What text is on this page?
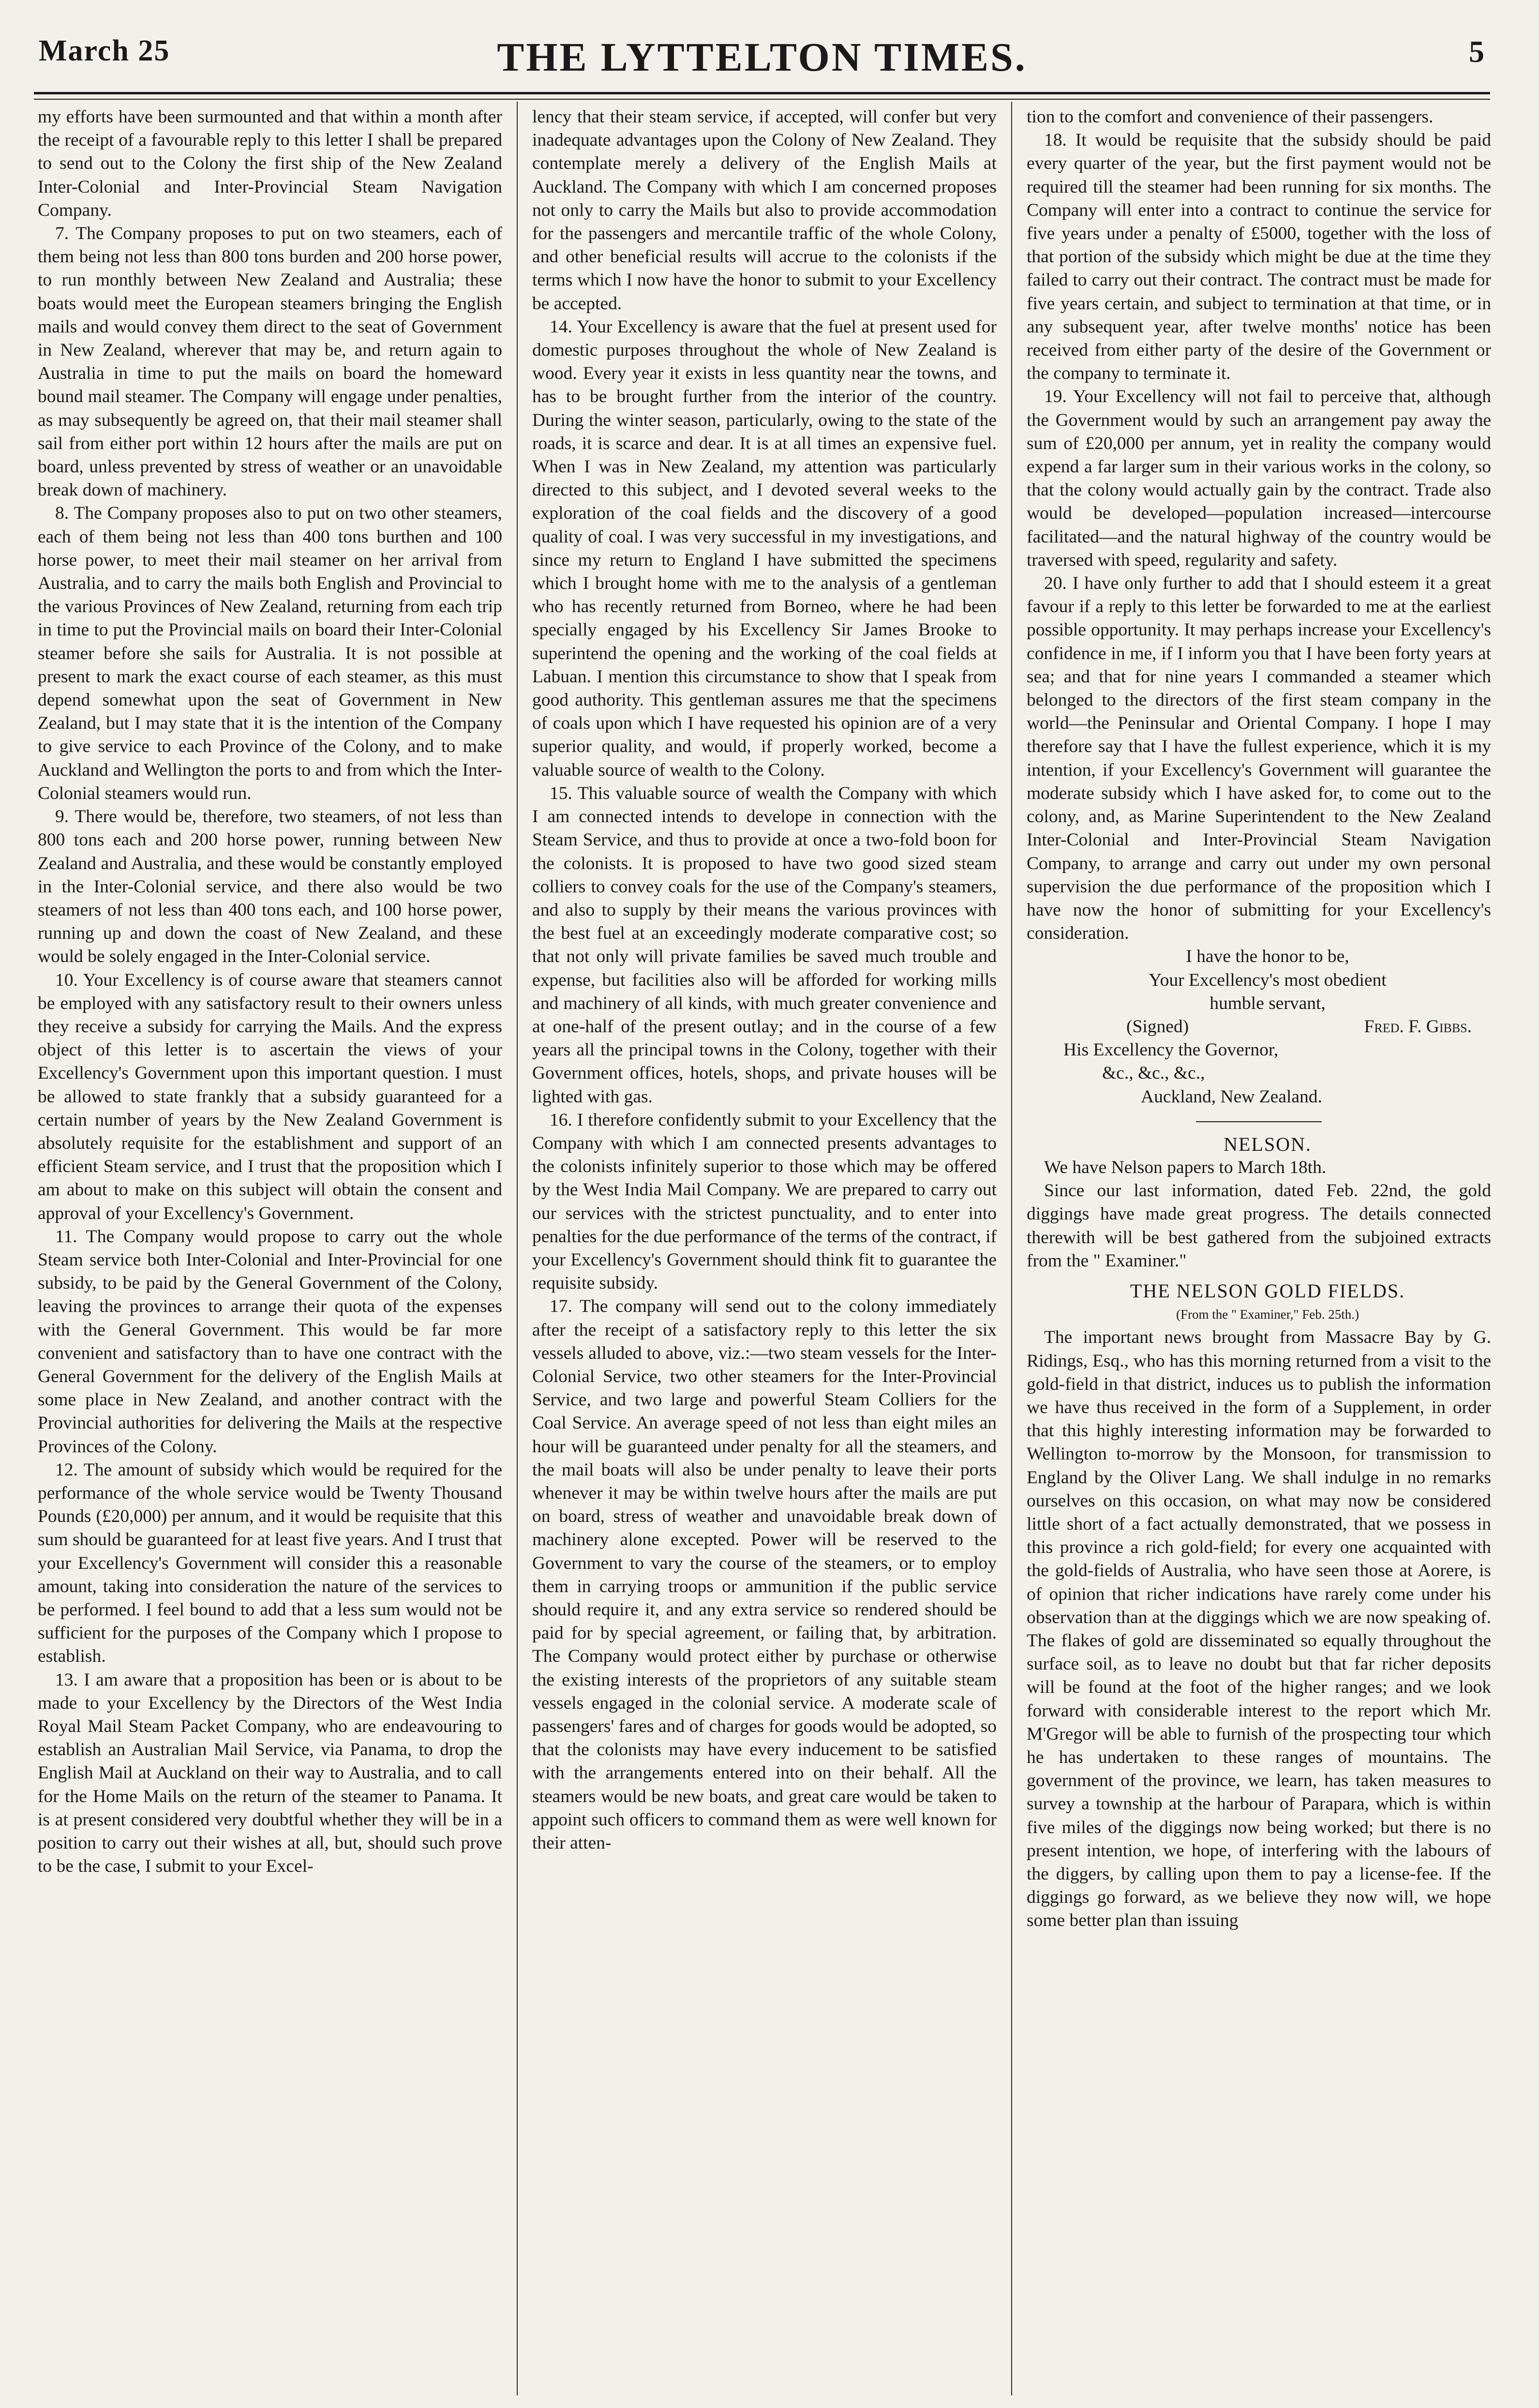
March 25	THE LYTTELTON TIMES.	5

my efforts have been surmounted and that within a month after the receipt of a favourable reply to this letter I shall be prepared to send out to the Colony the first ship of the New Zealand Inter-Colonial and Inter-Provincial Steam Navigation Company.

7. The Company proposes to put on two steamers, each of them being not less than 800 tons burden and 200 horse power, to run monthly between New Zealand and Australia; these boats would meet the European steamers bringing the English mails and would convey them direct to the seat of Government in New Zealand, wherever that may be, and return again to Australia in time to put the mails on board the homeward bound mail steamer. The Company will engage under penalties, as may subsequently be agreed on, that their mail steamer shall sail from either port within 12 hours after the mails are put on board, unless prevented by stress of weather or an unavoidable break down of machinery.

8. The Company proposes also to put on two other steamers, each of them being not less than 400 tons burthen and 100 horse power, to meet their mail steamer on her arrival from Australia, and to carry the mails both English and Provincial to the various Provinces of New Zealand, returning from each trip in time to put the Provincial mails on board their Inter-Colonial steamer before she sails for Australia. It is not possible at present to mark the exact course of each steamer, as this must depend somewhat upon the seat of Government in New Zealand, but I may state that it is the intention of the Company to give service to each Province of the Colony, and to make Auckland and Wellington the ports to and from which the Inter-Colonial steamers would run.

9. There would be, therefore, two steamers, of not less than 800 tons each and 200 horse power, running between New Zealand and Australia, and these would be constantly employed in the Inter-Colonial service, and there also would be two steamers of not less than 400 tons each, and 100 horse power, running up and down the coast of New Zealand, and these would be solely engaged in the Inter-Colonial service.

10. Your Excellency is of course aware that steamers cannot be employed with any satisfactory result to their owners unless they receive a subsidy for carrying the Mails. And the express object of this letter is to ascertain the views of your Excellency's Government upon this important question. I must be allowed to state frankly that a subsidy guaranteed for a certain number of years by the New Zealand Government is absolutely requisite for the establishment and support of an efficient Steam service, and I trust that the proposition which I am about to make on this subject will obtain the consent and approval of your Excellency's Government.

11. The Company would propose to carry out the whole Steam service both Inter-Colonial and Inter-Provincial for one subsidy, to be paid by the General Government of the Colony, leaving the provinces to arrange their quota of the expenses with the General Government. This would be far more convenient and satisfactory than to have one contract with the General Government for the delivery of the English Mails at some place in New Zealand, and another contract with the Provincial authorities for delivering the Mails at the respective Provinces of the Colony.

12. The amount of subsidy which would be required for the performance of the whole service would be Twenty Thousand Pounds (£20,000) per annum, and it would be requisite that this sum should be guaranteed for at least five years. And I trust that your Excellency's Government will consider this a reasonable amount, taking into consideration the nature of the services to be performed. I feel bound to add that a less sum would not be sufficient for the purposes of the Company which I propose to establish.

13. I am aware that a proposition has been or is about to be made to your Excellency by the Directors of the West India Royal Mail Steam Packet Company, who are endeavouring to establish an Australian Mail Service, via Panama, to drop the English Mail at Auckland on their way to Australia, and to call for the Home Mails on the return of the steamer to Panama. It is at present considered very doubtful whether they will be in a position to carry out their wishes at all, but, should such prove to be the case, I submit to your Excel-

lency that their steam service, if accepted, will confer but very inadequate advantages upon the Colony of New Zealand. They contemplate merely a delivery of the English Mails at Auckland. The Company with which I am concerned proposes not only to carry the Mails but also to provide accommodation for the passengers and mercantile traffic of the whole Colony, and other beneficial results will accrue to the colonists if the terms which I now have the honor to submit to your Excellency be accepted.

14. Your Excellency is aware that the fuel at present used for domestic purposes throughout the whole of New Zealand is wood. Every year it exists in less quantity near the towns, and has to be brought further from the interior of the country. During the winter season, particularly, owing to the state of the roads, it is scarce and dear. It is at all times an expensive fuel. When I was in New Zealand, my attention was particularly directed to this subject, and I devoted several weeks to the exploration of the coal fields and the discovery of a good quality of coal. I was very successful in my investigations, and since my return to England I have submitted the specimens which I brought home with me to the analysis of a gentleman who has recently returned from Borneo, where he had been specially engaged by his Excellency Sir James Brooke to superintend the opening and the working of the coal fields at Labuan. I mention this circumstance to show that I speak from good authority. This gentleman assures me that the specimens of coals upon which I have requested his opinion are of a very superior quality, and would, if properly worked, become a valuable source of wealth to the Colony.

15. This valuable source of wealth the Company with which I am connected intends to develope in connection with the Steam Service, and thus to provide at once a two-fold boon for the colonists. It is proposed to have two good sized steam colliers to convey coals for the use of the Company's steamers, and also to supply by their means the various provinces with the best fuel at an exceedingly moderate comparative cost; so that not only will private families be saved much trouble and expense, but facilities also will be afforded for working mills and machinery of all kinds, with much greater convenience and at one-half of the present outlay; and in the course of a few years all the principal towns in the Colony, together with their Government offices, hotels, shops, and private houses will be lighted with gas.

16. I therefore confidently submit to your Excellency that the Company with which I am connected presents advantages to the colonists infinitely superior to those which may be offered by the West India Mail Company. We are prepared to carry out our services with the strictest punctuality, and to enter into penalties for the due performance of the terms of the contract, if your Excellency's Government should think fit to guarantee the requisite subsidy.

17. The company will send out to the colony immediately after the receipt of a satisfactory reply to this letter the six vessels alluded to above, viz.:—two steam vessels for the Inter-Colonial Service, two other steamers for the Inter-Provincial Service, and two large and powerful Steam Colliers for the Coal Service. An average speed of not less than eight miles an hour will be guaranteed under penalty for all the steamers, and the mail boats will also be under penalty to leave their ports whenever it may be within twelve hours after the mails are put on board, stress of weather and unavoidable break down of machinery alone excepted. Power will be reserved to the Government to vary the course of the steamers, or to employ them in carrying troops or ammunition if the public service should require it, and any extra service so rendered should be paid for by special agreement, or failing that, by arbitration. The Company would protect either by purchase or otherwise the existing interests of the proprietors of any suitable steam vessels engaged in the colonial service. A moderate scale of passengers' fares and of charges for goods would be adopted, so that the colonists may have every inducement to be satisfied with the arrangements entered into on their behalf. All the steamers would be new boats, and great care would be taken to appoint such officers to command them as were well known for their atten-

tion to the comfort and convenience of their passengers.

18. It would be requisite that the subsidy should be paid every quarter of the year, but the first payment would not be required till the steamer had been running for six months. The Company will enter into a contract to continue the service for five years under a penalty of £5000, together with the loss of that portion of the subsidy which might be due at the time they failed to carry out their contract. The contract must be made for five years certain, and subject to termination at that time, or in any subsequent year, after twelve months' notice has been received from either party of the desire of the Government or the company to terminate it.

19. Your Excellency will not fail to perceive that, although the Government would by such an arrangement pay away the sum of £20,000 per annum, yet in reality the company would expend a far larger sum in their various works in the colony, so that the colony would actually gain by the contract. Trade also would be developed—population increased—intercourse facilitated—and the natural highway of the country would be traversed with speed, regularity and safety.

20. I have only further to add that I should esteem it a great favour if a reply to this letter be forwarded to me at the earliest possible opportunity. It may perhaps increase your Excellency's confidence in me, if I inform you that I have been forty years at sea; and that for nine years I commanded a steamer which belonged to the directors of the first steam company in the world—the Peninsular and Oriental Company. I hope I may therefore say that I have the fullest experience, which it is my intention, if your Excellency's Government will guarantee the moderate subsidy which I have asked for, to come out to the colony, and, as Marine Superintendent to the New Zealand Inter-Colonial and Inter-Provincial Steam Navigation Company, to arrange and carry out under my own personal supervision the due performance of the proposition which I have now the honor of submitting for your Excellency's consideration.

I have the honor to be,

Your Excellency's most obedient

humble servant,

(Signed)	Fred. F. Gibbs.

His Excellency the Governor,

&c., &c., &c.,

Auckland, New Zealand.

NELSON.

We have Nelson papers to March 18th.

Since our last information, dated Feb. 22nd, the gold diggings have made great progress. The details connected therewith will be best gathered from the subjoined extracts from the " Examiner."

THE NELSON GOLD FIELDS.

(From the " Examiner," Feb. 25th.)

The important news brought from Massacre Bay by G. Ridings, Esq., who has this morning returned from a visit to the gold-field in that district, induces us to publish the information we have thus received in the form of a Supplement, in order that this highly interesting information may be forwarded to Wellington to-morrow by the Monsoon, for transmission to England by the Oliver Lang. We shall indulge in no remarks ourselves on this occasion, on what may now be considered little short of a fact actually demonstrated, that we possess in this province a rich gold-field; for every one acquainted with the gold-fields of Australia, who have seen those at Aorere, is of opinion that richer indications have rarely come under his observation than at the diggings which we are now speaking of. The flakes of gold are disseminated so equally throughout the surface soil, as to leave no doubt but that far richer deposits will be found at the foot of the higher ranges; and we look forward with considerable interest to the report which Mr. M'Gregor will be able to furnish of the prospecting tour which he has undertaken to these ranges of mountains. The government of the province, we learn, has taken measures to survey a township at the harbour of Parapara, which is within five miles of the diggings now being worked; but there is no present intention, we hope, of interfering with the labours of the diggers, by calling upon them to pay a license-fee. If the diggings go forward, as we believe they now will, we hope some better plan than issuing
